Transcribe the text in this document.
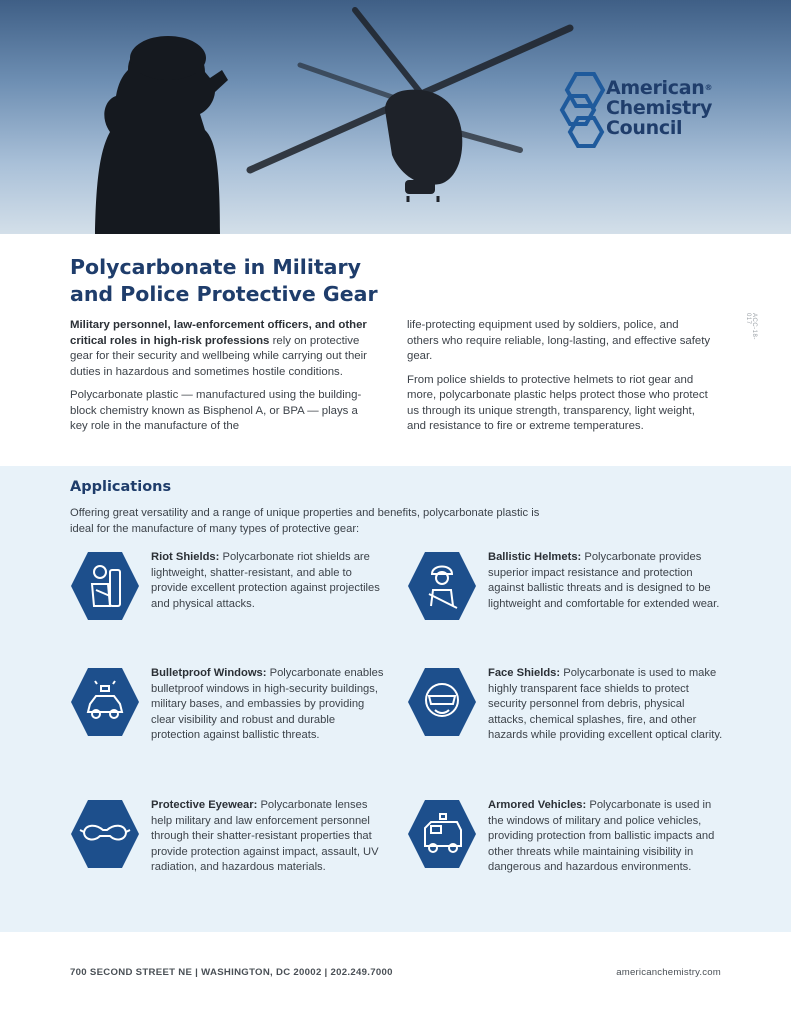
American®
Chemistry
Council
Polycarbonate in Military and Police Protective Gear

Military personnel, law-enforcement officers, and other critical roles in high-risk professions rely on protective gear for their security and wellbeing while carrying out their duties in hazardous and sometimes hostile conditions.

Polycarbonate plastic — manufactured using the building-block chemistry known as Bisphenol A, or BPA — plays a key role in the manufacture of the

life-protecting equipment used by soldiers, police, and others who require reliable, long-lasting, and effective safety gear.

From police shields to protective helmets to riot gear and more, polycarbonate plastic helps protect those who protect us through its unique strength, transparency, light weight, and resistance to fire or extreme temperatures.

ACC-18-017
Applications

Offering great versatility and a range of unique properties and benefits, polycarbonate plastic is ideal for the manufacture of many types of protective gear:

Riot Shields: Polycarbonate riot shields are lightweight, shatter-resistant, and able to provide excellent protection against projectiles and physical attacks.

Ballistic Helmets: Polycarbonate provides superior impact resistance and protection against ballistic threats and is designed to be lightweight and comfortable for extended wear.

Bulletproof Windows: Polycarbonate enables bulletproof windows in high-security buildings, military bases, and embassies by providing clear visibility and robust and durable protection against ballistic threats.

Face Shields: Polycarbonate is used to make highly transparent face shields to protect security personnel from debris, physical attacks, chemical splashes, fire, and other hazards while providing excellent optical clarity.

Protective Eyewear: Polycarbonate lenses help military and law enforcement personnel through their shatter-resistant properties that provide protection against impact, assault, UV radiation, and hazardous materials.

Armored Vehicles: Polycarbonate is used in the windows of military and police vehicles, providing protection from ballistic impacts and other threats while maintaining visibility in dangerous and hazardous environments.

700 SECOND STREET NE | WASHINGTON, DC 20002 | 202.249.7000	americanchemistry.com
